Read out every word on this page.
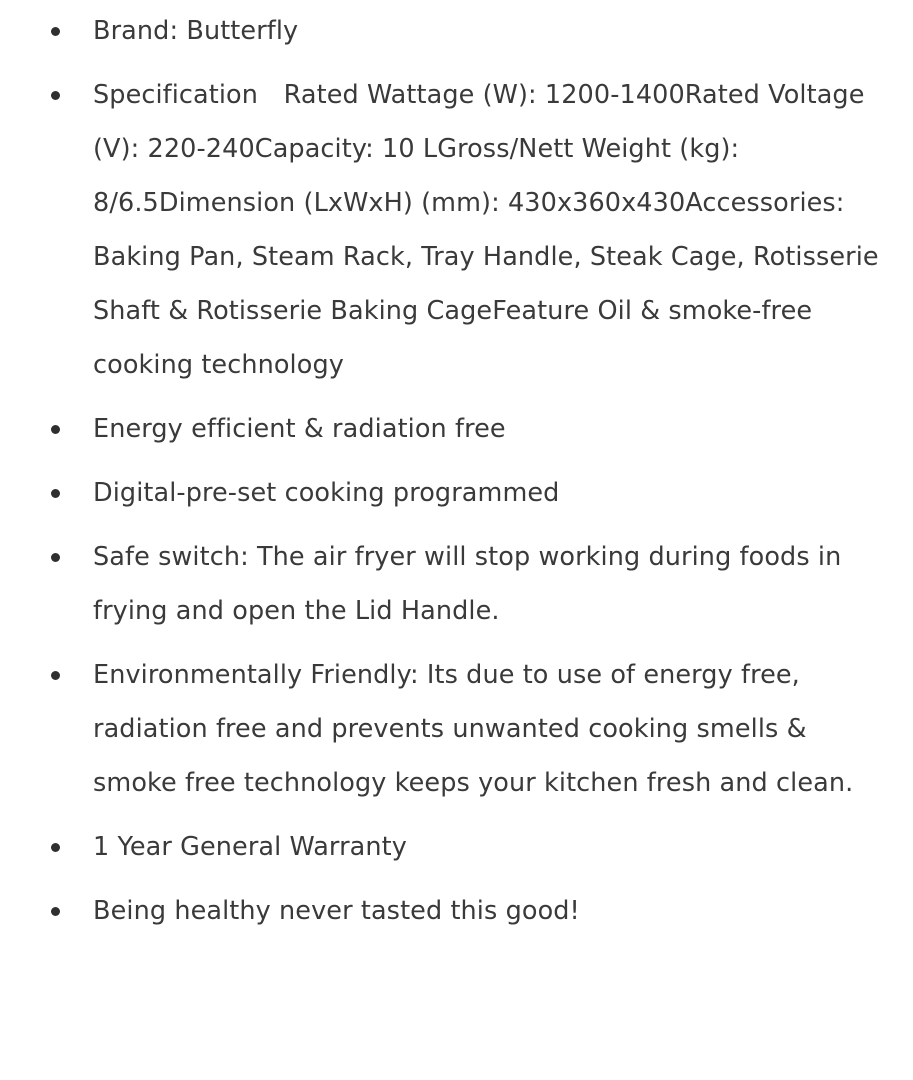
Brand: Butterfly
Specification Rated Wattage (W): 1200-1400Rated Voltage (V): 220-240Capacity: 10 LGross/Nett Weight (kg): 8/6.5Dimension (LxWxH) (mm): 430x360x430Accessories: Baking Pan, Steam Rack, Tray Handle, Steak Cage, Rotisserie Shaft & Rotisserie Baking CageFeature Oil & smoke-free cooking technology
Energy efficient & radiation free
Digital-pre-set cooking programmed
Safe switch: The air fryer will stop working during foods in frying and open the Lid Handle.
Environmentally Friendly: Its due to use of energy free, radiation free and prevents unwanted cooking smells & smoke free technology keeps your kitchen fresh and clean.
1 Year General Warranty
Being healthy never tasted this good!
